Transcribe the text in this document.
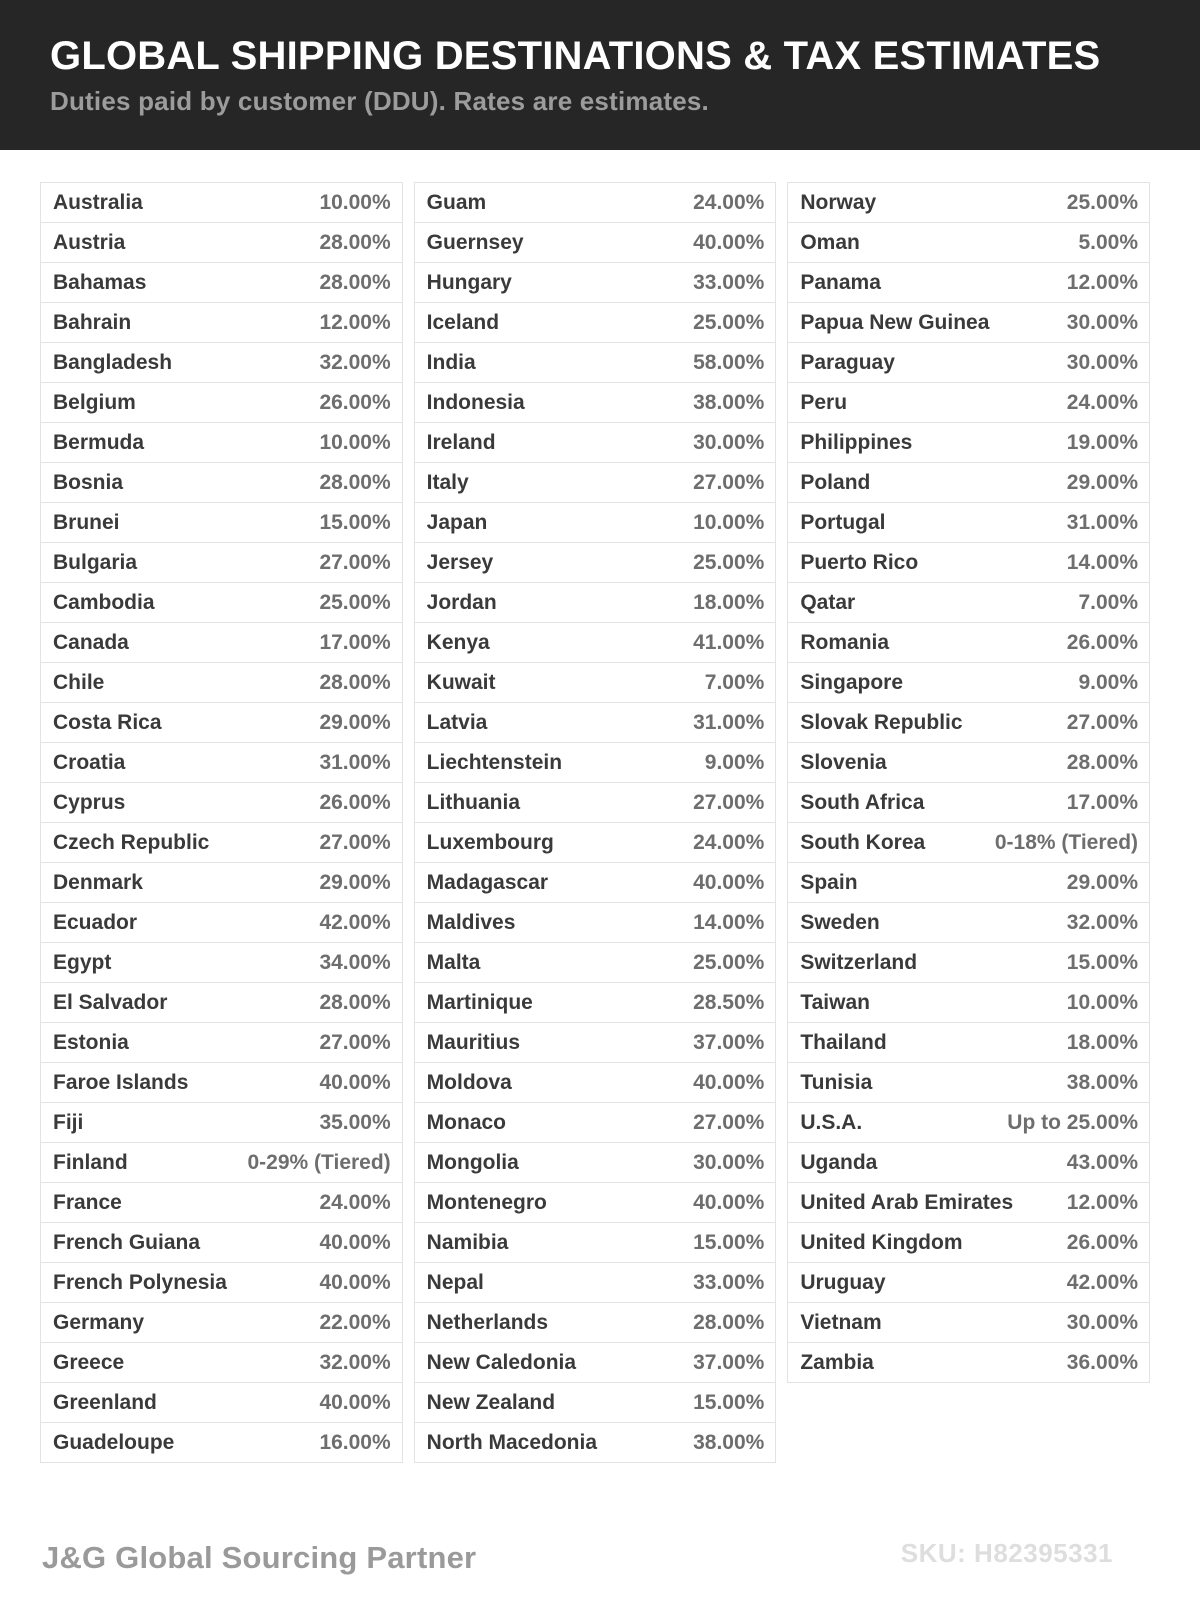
GLOBAL SHIPPING DESTINATIONS & TAX ESTIMATES
Duties paid by customer (DDU). Rates are estimates.
Australia	10.00%
Austria	28.00%
Bahamas	28.00%
Bahrain	12.00%
Bangladesh	32.00%
Belgium	26.00%
Bermuda	10.00%
Bosnia	28.00%
Brunei	15.00%
Bulgaria	27.00%
Cambodia	25.00%
Canada	17.00%
Chile	28.00%
Costa Rica	29.00%
Croatia	31.00%
Cyprus	26.00%
Czech Republic	27.00%
Denmark	29.00%
Ecuador	42.00%
Egypt	34.00%
El Salvador	28.00%
Estonia	27.00%
Faroe Islands	40.00%
Fiji	35.00%
Finland	0-29% (Tiered)
France	24.00%
French Guiana	40.00%
French Polynesia	40.00%
Germany	22.00%
Greece	32.00%
Greenland	40.00%
Guadeloupe	16.00%
Guam	24.00%
Guernsey	40.00%
Hungary	33.00%
Iceland	25.00%
India	58.00%
Indonesia	38.00%
Ireland	30.00%
Italy	27.00%
Japan	10.00%
Jersey	25.00%
Jordan	18.00%
Kenya	41.00%
Kuwait	7.00%
Latvia	31.00%
Liechtenstein	9.00%
Lithuania	27.00%
Luxembourg	24.00%
Madagascar	40.00%
Maldives	14.00%
Malta	25.00%
Martinique	28.50%
Mauritius	37.00%
Moldova	40.00%
Monaco	27.00%
Mongolia	30.00%
Montenegro	40.00%
Namibia	15.00%
Nepal	33.00%
Netherlands	28.00%
New Caledonia	37.00%
New Zealand	15.00%
North Macedonia	38.00%
Norway	25.00%
Oman	5.00%
Panama	12.00%
Papua New Guinea	30.00%
Paraguay	30.00%
Peru	24.00%
Philippines	19.00%
Poland	29.00%
Portugal	31.00%
Puerto Rico	14.00%
Qatar	7.00%
Romania	26.00%
Singapore	9.00%
Slovak Republic	27.00%
Slovenia	28.00%
South Africa	17.00%
South Korea	0-18% (Tiered)
Spain	29.00%
Sweden	32.00%
Switzerland	15.00%
Taiwan	10.00%
Thailand	18.00%
Tunisia	38.00%
U.S.A.	Up to 25.00%
Uganda	43.00%
United Arab Emirates	12.00%
United Kingdom	26.00%
Uruguay	42.00%
Vietnam	30.00%
Zambia	36.00%
J&G Global Sourcing Partner	SKU: H82395331
